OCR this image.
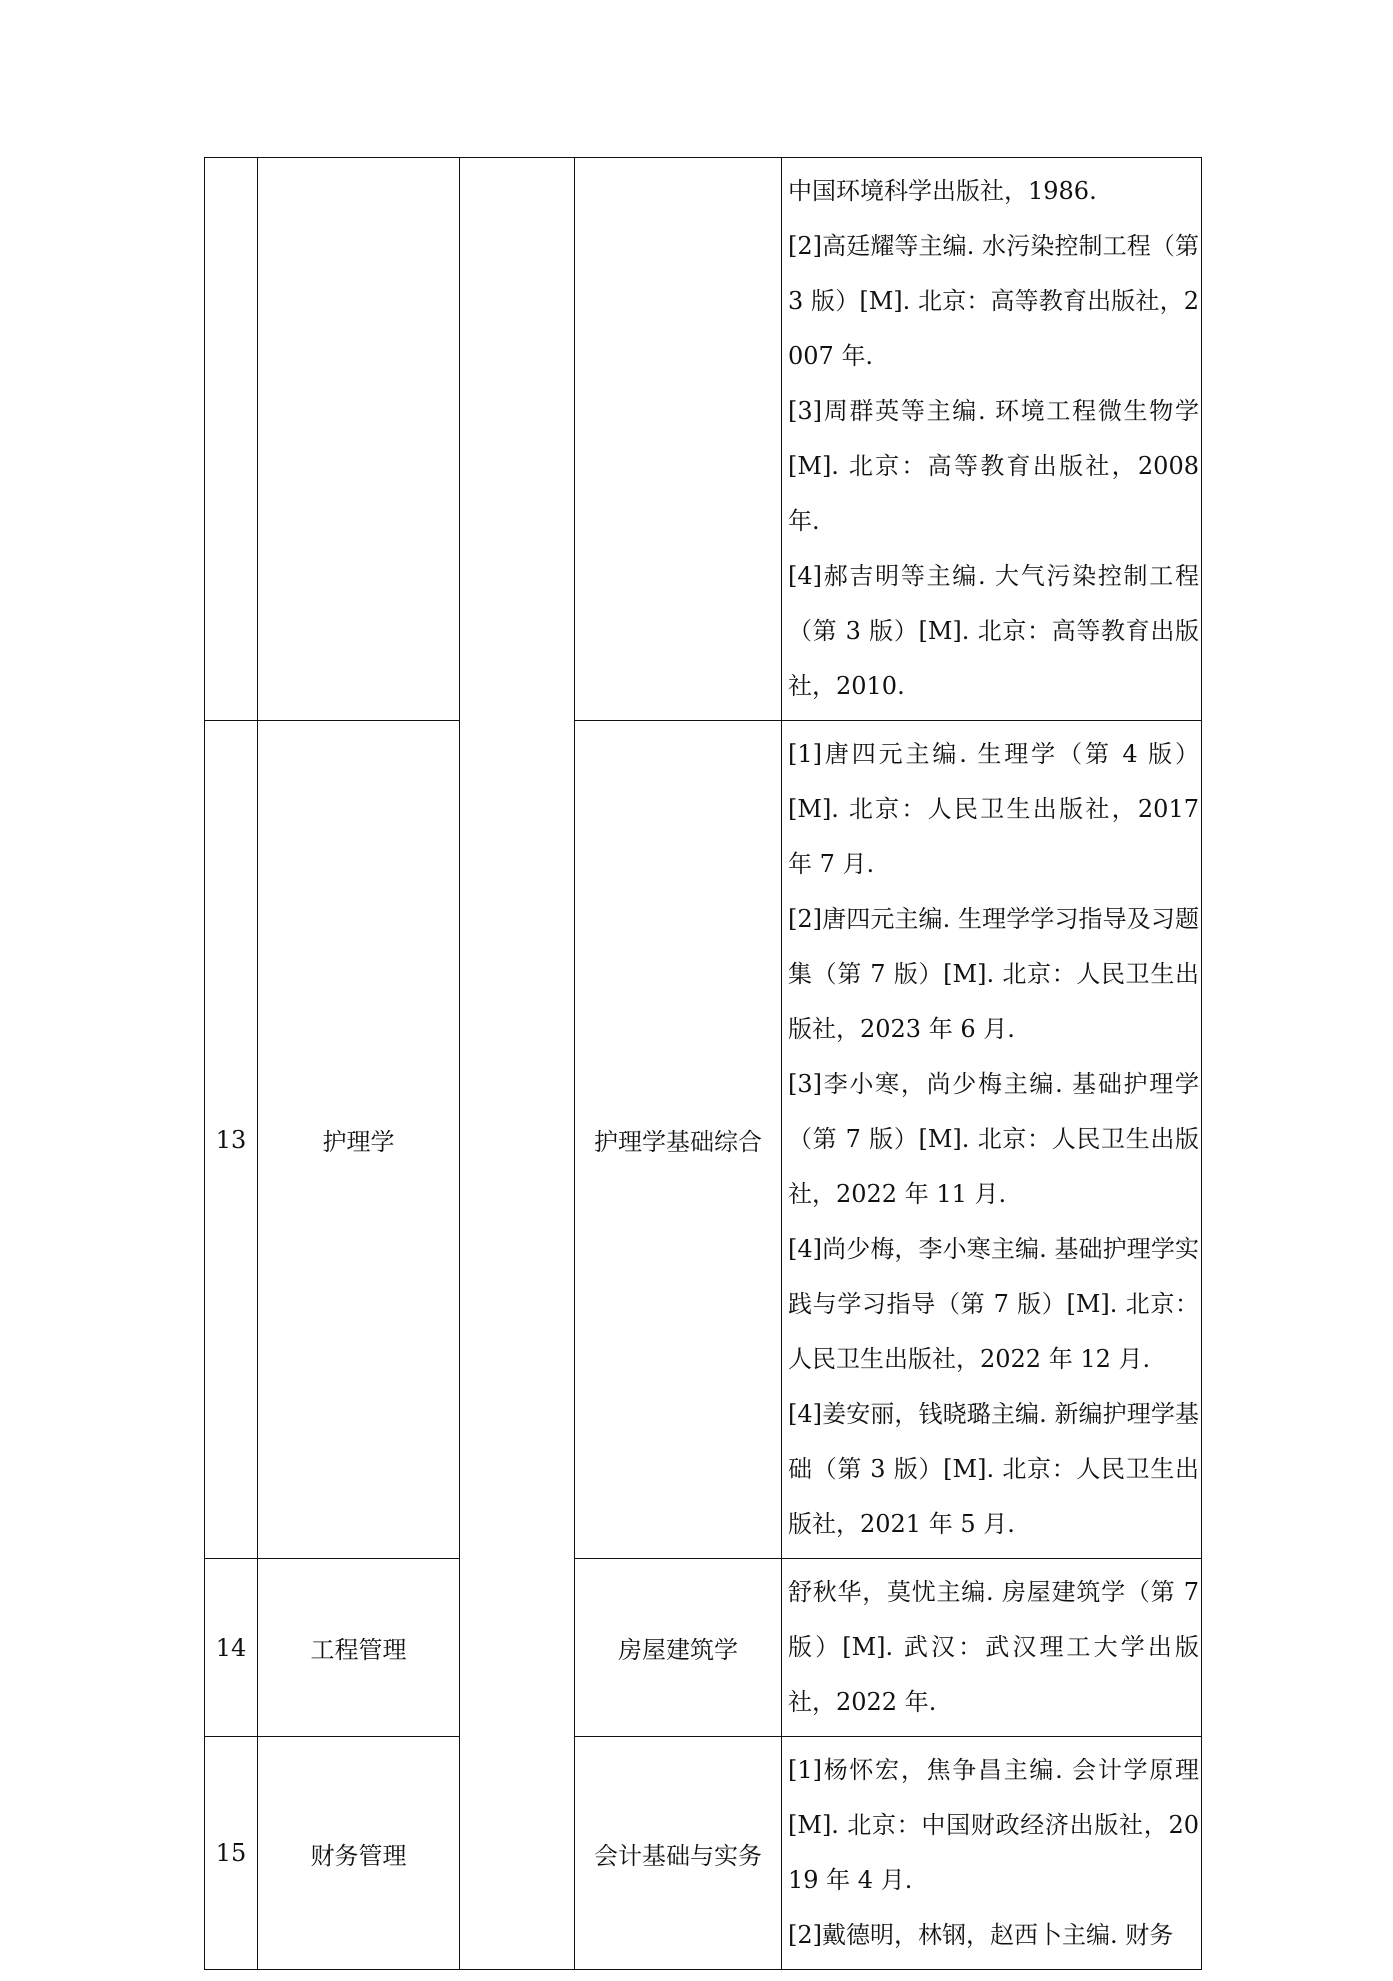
				中国环境科学出版社，1986.
[2]高廷耀等主编. 水污染控制工程（第 3 版）[M]. 北京：高等教育出版社，2007 年.
[3]周群英等主编. 环境工程微生物学[M]. 北京：高等教育出版社，2008 年.
[4]郝吉明等主编. 大气污染控制工程（第 3 版）[M]. 北京：高等教育出版社，2010.

13	护理学		护理学基础综合	[1]唐四元主编. 生理学（第 4 版）[M]. 北京：人民卫生出版社，2017 年 7 月.
[2]唐四元主编. 生理学学习指导及习题集（第 7 版）[M]. 北京：人民卫生出版社，2023 年 6 月.
[3]李小寒，尚少梅主编. 基础护理学（第 7 版）[M]. 北京：人民卫生出版社，2022 年 11 月.
[4]尚少梅，李小寒主编. 基础护理学实践与学习指导（第 7 版）[M]. 北京：人民卫生出版社，2022 年 12 月.
[4]姜安丽，钱晓璐主编. 新编护理学基础（第 3 版）[M]. 北京：人民卫生出版社，2021 年 5 月.

14	工程管理		房屋建筑学	舒秋华，莫忧主编. 房屋建筑学（第 7 版）[M]. 武汉：武汉理工大学出版社，2022 年.

15	财务管理		会计基础与实务	[1]杨怀宏，焦争昌主编. 会计学原理[M]. 北京：中国财政经济出版社，2019 年 4 月.
[2]戴德明，林钢，赵西卜主编. 财务
